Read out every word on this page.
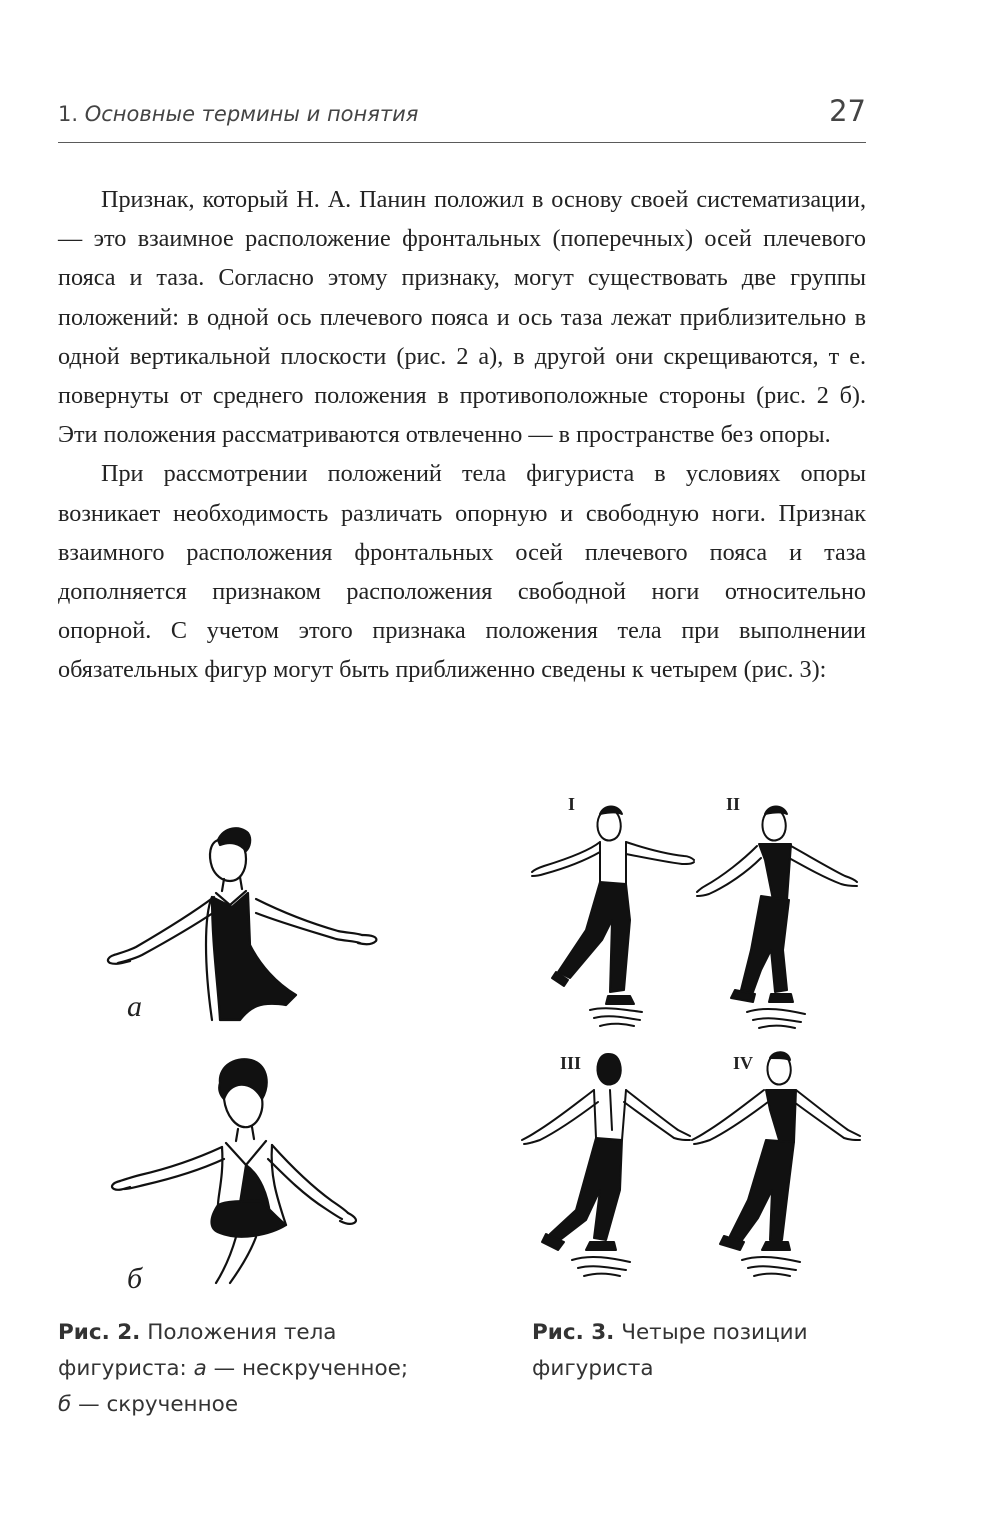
1. Основные термины и понятия	27

Признак, который Н. А. Панин положил в основу своей систематизации, — это взаимное расположение фронтальных (поперечных) осей плечевого пояса и таза. Согласно этому признаку, могут существовать две группы положений: в одной ось плечевого пояса и ось таза лежат приблизительно в одной вертикальной плоскости (рис. 2 а), в другой они скрещиваются, т е. повернуты от среднего положения в противоположные стороны (рис. 2 б). Эти положения рассматриваются отвлеченно — в пространстве без опоры.

При рассмотрении положений тела фигуриста в условиях опоры возникает необходимость различать опорную и свободную ноги. Признак взаимного расположения фронтальных осей плечевого пояса и таза дополняется признаком расположения свободной ноги относительно опорной. С учетом этого признака положения тела при выполнении обязательных фигур могут быть приближенно сведены к четырем (рис. 3):

а
б
I	II
III	IV
Рис. 2. Положения тела
фигуриста: а — нескрученное;
б — скрученное
Рис. 3. Четыре позиции
фигуриста
